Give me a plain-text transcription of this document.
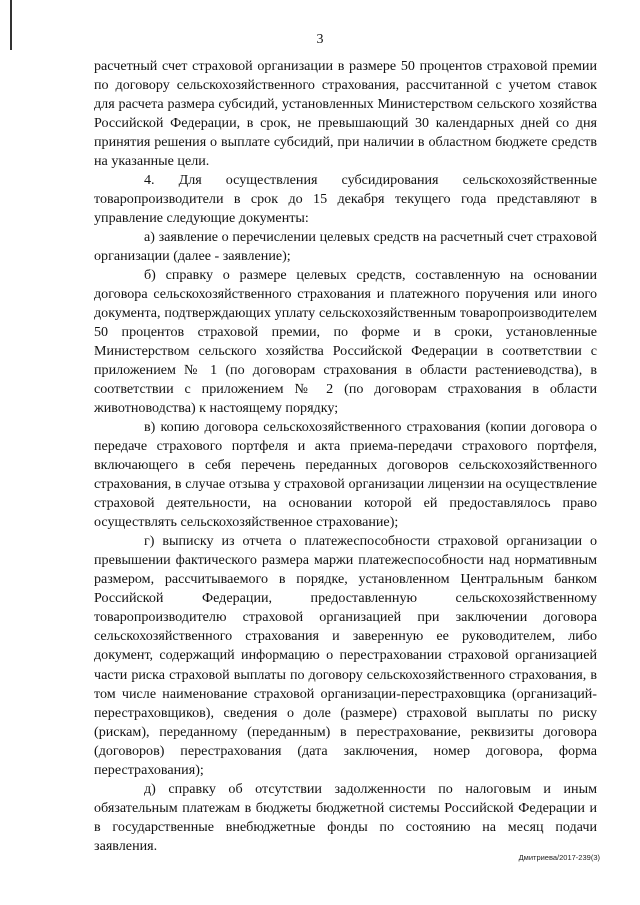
3

расчетный счет страховой организации в размере 50 процентов страховой премии по договору сельскохозяйственного страхования, рассчитанной с учетом ставок для расчета размера субсидий, установленных Министерством сельского хозяйства Российской Федерации, в срок, не превышающий 30 календарных дней со дня принятия решения о выплате субсидий, при наличии в областном бюджете средств на указанные цели.

4. Для осуществления субсидирования сельскохозяйственные товаропроизводители в срок до 15 декабря текущего года представляют в управление следующие документы:

а) заявление о перечислении целевых средств на расчетный счет страховой организации (далее - заявление);

б) справку о размере целевых средств, составленную на основании договора сельскохозяйственного страхования и платежного поручения или иного документа, подтверждающих уплату сельскохозяйственным товаропроизводителем 50 процентов страховой премии, по форме и в сроки, установленные Министерством сельского хозяйства Российской Федерации в соответствии с приложением № 1 (по договорам страхования в области растениеводства), в соответствии с приложением № 2 (по договорам страхования в области животноводства) к настоящему порядку;

в) копию договора сельскохозяйственного страхования (копии договора о передаче страхового портфеля и акта приема-передачи страхового портфеля, включающего в себя перечень переданных договоров сельскохозяйственного страхования, в случае отзыва у страховой организации лицензии на осуществление страховой деятельности, на основании которой ей предоставлялось право осуществлять сельскохозяйственное страхование);

г) выписку из отчета о платежеспособности страховой организации о превышении фактического размера маржи платежеспособности над нормативным размером, рассчитываемого в порядке, установленном Центральным банком Российской Федерации, предоставленную сельскохозяйственному товаропроизводителю страховой организацией при заключении договора сельскохозяйственного страхования и заверенную ее руководителем, либо документ, содержащий информацию о перестраховании страховой организацией части риска страховой выплаты по договору сельскохозяйственного страхования, в том числе наименование страховой организации-перестраховщика (организаций-перестраховщиков), сведения о доле (размере) страховой выплаты по риску (рискам), переданному (переданным) в перестрахование, реквизиты договора (договоров) перестрахования (дата заключения, номер договора, форма перестрахования);

д) справку об отсутствии задолженности по налоговым и иным обязательным платежам в бюджеты бюджетной системы Российской Федерации и в государственные внебюджетные фонды по состоянию на месяц подачи заявления.

Дмитриева/2017-239(3)
